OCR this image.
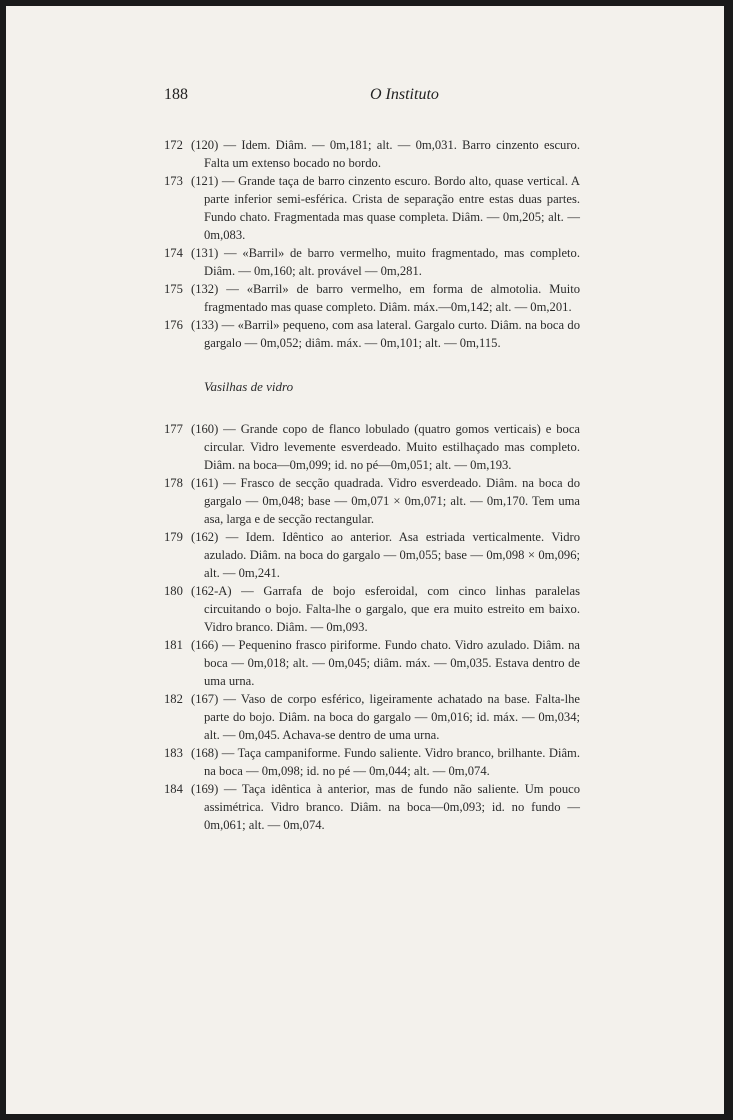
188	O Instituto
172 (120) — Idem. Diâm. — 0m,181; alt. — 0m,031. Barro cinzento escuro. Falta um extenso bocado no bordo.
173 (121) — Grande taça de barro cinzento escuro. Bordo alto, quase vertical. A parte inferior semi-esférica. Crista de separação entre estas duas partes. Fundo chato. Fragmentada mas quase completa. Diâm. — 0m,205; alt. — 0m,083.
174 (131) — «Barril» de barro vermelho, muito fragmentado, mas completo. Diâm. — 0m,160; alt. provável — 0m,281.
175 (132) — «Barril» de barro vermelho, em forma de almotolia. Muito fragmentado mas quase completo. Diâm. máx.—0m,142; alt. — 0m,201.
176 (133) — «Barril» pequeno, com asa lateral. Gargalo curto. Diâm. na boca do gargalo — 0m,052; diâm. máx. — 0m,101; alt. — 0m,115.
Vasilhas de vidro
177 (160) — Grande copo de flanco lobulado (quatro gomos verticais) e boca circular. Vidro levemente esverdeado. Muito estilhaçado mas completo. Diâm. na boca—0m,099; id. no pé—0m,051; alt. — 0m,193.
178 (161) — Frasco de secção quadrada. Vidro esverdeado. Diâm. na boca do gargalo — 0m,048; base — 0m,071 × 0m,071; alt. — 0m,170. Tem uma asa, larga e de secção rectangular.
179 (162) — Idem. Idêntico ao anterior. Asa estriada verticalmente. Vidro azulado. Diâm. na boca do gargalo — 0m,055; base — 0m,098 × 0m,096; alt. — 0m,241.
180 (162-A) — Garrafa de bojo esferoidal, com cinco linhas paralelas circuitando o bojo. Falta-lhe o gargalo, que era muito estreito em baixo. Vidro branco. Diâm. — 0m,093.
181 (166) — Pequenino frasco piriforme. Fundo chato. Vidro azulado. Diâm. na boca — 0m,018; alt. — 0m,045; diâm. máx. — 0m,035. Estava dentro de uma urna.
182 (167) — Vaso de corpo esférico, ligeiramente achatado na base. Falta-lhe parte do bojo. Diâm. na boca do gargalo — 0m,016; id. máx. — 0m,034; alt. — 0m,045. Achava-se dentro de uma urna.
183 (168) — Taça campaniforme. Fundo saliente. Vidro branco, brilhante. Diâm. na boca — 0m,098; id. no pé — 0m,044; alt. — 0m,074.
184 (169) — Taça idêntica à anterior, mas de fundo não saliente. Um pouco assimétrica. Vidro branco. Diâm. na boca—0m,093; id. no fundo — 0m,061; alt. — 0m,074.
